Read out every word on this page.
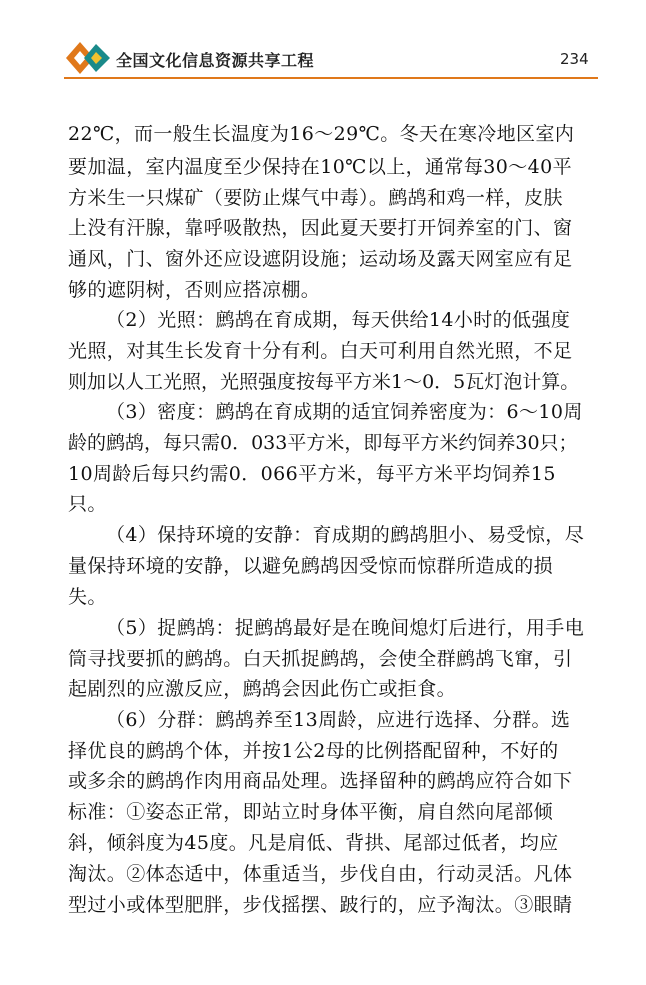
全国文化信息资源共享工程	234
22℃，而一般生长温度为16～29℃。冬天在寒冷地区室内
要加温，室内温度至少保持在10℃以上，通常每30～40平
方米生一只煤矿（要防止煤气中毒）。鹧鸪和鸡一样，皮肤
上没有汗腺，靠呼吸散热，因此夏天要打开饲养室的门、窗
通风，门、窗外还应设遮阴设施；运动场及露天网室应有足
够的遮阴树，否则应搭凉棚。
（2）光照：鹧鸪在育成期，每天供给14小时的低强度
光照，对其生长发育十分有利。白天可利用自然光照，不足
则加以人工光照，光照强度按每平方米1～0．5瓦灯泡计算。
（3）密度：鹧鸪在育成期的适宜饲养密度为：6～10周
龄的鹧鸪，每只需0．033平方米，即每平方米约饲养30只；
10周龄后每只约需0．066平方米，每平方米平均饲养15
只。
（4）保持环境的安静：育成期的鹧鸪胆小、易受惊，尽
量保持环境的安静，以避免鹧鸪因受惊而惊群所造成的损
失。
（5）捉鹧鸪：捉鹧鸪最好是在晚间熄灯后进行，用手电
筒寻找要抓的鹧鸪。白天抓捉鹧鸪，会使全群鹧鸪飞窜，引
起剧烈的应激反应，鹧鸪会因此伤亡或拒食。
（6）分群：鹧鸪养至13周龄，应进行选择、分群。选
择优良的鹧鸪个体，并按1公2母的比例搭配留种，不好的
或多余的鹧鸪作肉用商品处理。选择留种的鹧鸪应符合如下
标准：①姿态正常，即站立时身体平衡，肩自然向尾部倾
斜，倾斜度为45度。凡是肩低、背拱、尾部过低者，均应
淘汰。②体态适中，体重适当，步伐自由，行动灵活。凡体
型过小或体型肥胖，步伐摇摆、跛行的，应予淘汰。③眼睛
